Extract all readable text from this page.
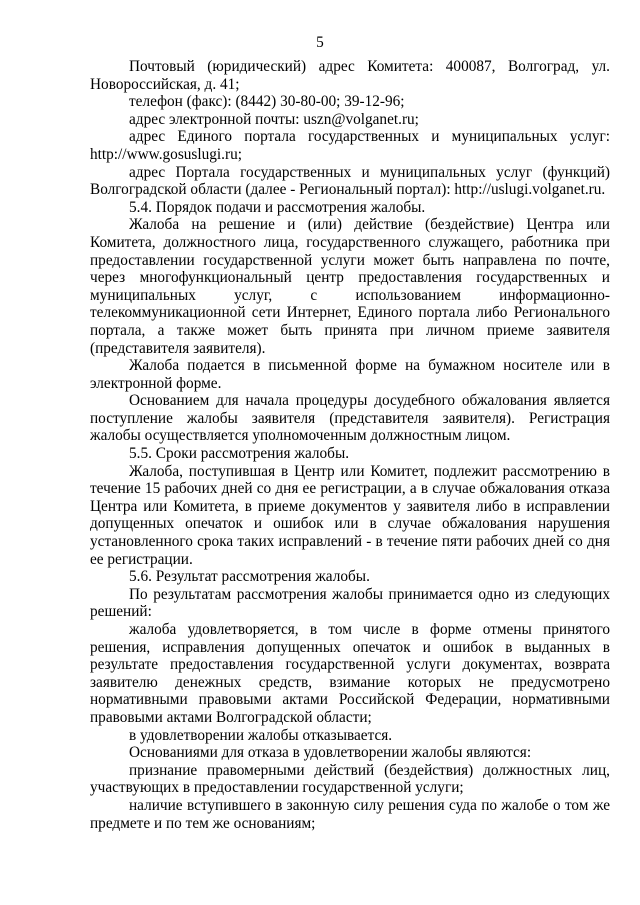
5

Почтовый (юридический) адрес Комитета: 400087, Волгоград, ул. Новороссийская, д. 41;

телефон (факс): (8442) 30-80-00; 39-12-96;

адрес электронной почты: uszn@volganet.ru;

адрес Единого портала государственных и муниципальных услуг: http://www.gosuslugi.ru;

адрес Портала государственных и муниципальных услуг (функций) Волгоградской области (далее - Региональный портал): http://uslugi.volganet.ru.

5.4. Порядок подачи и рассмотрения жалобы.

Жалоба на решение и (или) действие (бездействие) Центра или Комитета, должностного лица, государственного служащего, работника при предоставлении государственной услуги может быть направлена по почте, через многофункциональный центр предоставления государственных и муниципальных услуг, с использованием информационно-телекоммуникационной сети Интернет, Единого портала либо Регионального портала, а также может быть принята при личном приеме заявителя (представителя заявителя).

Жалоба подается в письменной форме на бумажном носителе или в электронной форме.

Основанием для начала процедуры досудебного обжалования является поступление жалобы заявителя (представителя заявителя). Регистрация жалобы осуществляется уполномоченным должностным лицом.

5.5. Сроки рассмотрения жалобы.

Жалоба, поступившая в Центр или Комитет, подлежит рассмотрению в течение 15 рабочих дней со дня ее регистрации, а в случае обжалования отказа Центра или Комитета, в приеме документов у заявителя либо в исправлении допущенных опечаток и ошибок или в случае обжалования нарушения установленного срока таких исправлений - в течение пяти рабочих дней со дня ее регистрации.

5.6. Результат рассмотрения жалобы.

По результатам рассмотрения жалобы принимается одно из следующих решений:

жалоба удовлетворяется, в том числе в форме отмены принятого решения, исправления допущенных опечаток и ошибок в выданных в результате предоставления государственной услуги документах, возврата заявителю денежных средств, взимание которых не предусмотрено нормативными правовыми актами Российской Федерации, нормативными правовыми актами Волгоградской области;

в удовлетворении жалобы отказывается.

Основаниями для отказа в удовлетворении жалобы являются:

признание правомерными действий (бездействия) должностных лиц, участвующих в предоставлении государственной услуги;

наличие вступившего в законную силу решения суда по жалобе о том же предмете и по тем же основаниям;
